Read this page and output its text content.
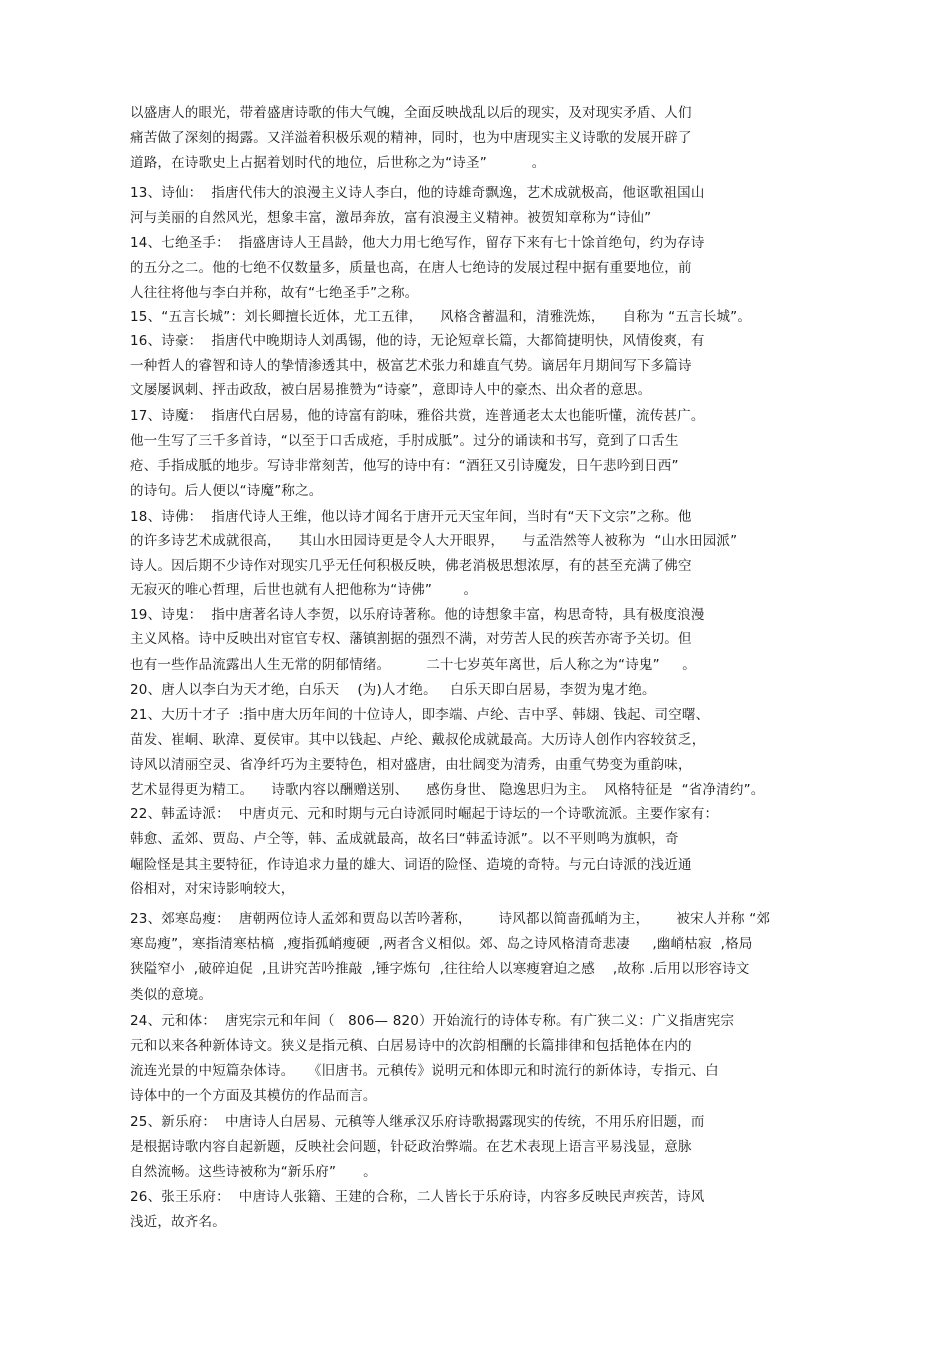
以盛唐人的眼光，带着盛唐诗歌的伟大气魄，全面反映战乱以后的现实，及对现实矛盾、人们
痛苦做了深刻的揭露。又洋溢着积极乐观的精神，同时，也为中唐现实主义诗歌的发展开辟了
道路，在诗歌史上占据着划时代的地位，后世称之为“诗圣”          。
13、诗仙：  指唐代伟大的浪漫主义诗人李白，他的诗雄奇飘逸，艺术成就极高，他讴歌祖国山
河与美丽的自然风光，想象丰富，激昂奔放，富有浪漫主义精神。被贺知章称为“诗仙”
14、七绝圣手：  指盛唐诗人王昌龄，他大力用七绝写作，留存下来有七十馀首绝句，约为存诗
的五分之二。他的七绝不仅数量多，质量也高，在唐人七绝诗的发展过程中据有重要地位，前
人往往将他与李白并称，故有“七绝圣手”之称。
15、“五言长城”：刘长卿擅长近体，尤工五律，    风格含蓄温和，清雅洗炼，    自称为 “五言长城”。
16、诗豪：  指唐代中晚期诗人刘禹锡，他的诗，无论短章长篇，大都简捷明快，风情俊爽，有
一种哲人的睿智和诗人的挚情渗透其中，极富艺术张力和雄直气势。谪居年月期间写下多篇诗
文屡屡讽刺、抨击政敌，被白居易推赞为“诗豪”，意即诗人中的豪杰、出众者的意思。
17、诗魔：  指唐代白居易，他的诗富有韵味，雅俗共赏，连普通老太太也能听懂，流传甚广。
他一生写了三千多首诗，“以至于口舌成疮，手肘成胝”。过分的诵读和书写，竟到了口舌生
疮、手指成胝的地步。写诗非常刻苦，他写的诗中有：“酒狂又引诗魔发，日午悲吟到日西”
的诗句。后人便以“诗魔”称之。
18、诗佛：  指唐代诗人王维，他以诗才闻名于唐开元天宝年间，当时有“天下文宗”之称。他
的许多诗艺术成就很高，    其山水田园诗更是令人大开眼界，    与孟浩然等人被称为  “山水田园派”
诗人。因后期不少诗作对现实几乎无任何积极反映，佛老消极思想浓厚，有的甚至充满了佛空
无寂灭的唯心哲理，后世也就有人把他称为“诗佛”       。
19、诗鬼：  指中唐著名诗人李贺，以乐府诗著称。他的诗想象丰富，构思奇特，具有极度浪漫
主义风格。诗中反映出对宦官专权、藩镇割据的强烈不满，对劳苦人民的疾苦亦寄予关切。但
也有一些作品流露出人生无常的阴郁情绪。        二十七岁英年离世，后人称之为“诗鬼”     。
20、唐人以李白为天才绝，白乐天    (为)人才绝。   白乐天即白居易，李贺为鬼才绝。
21、大历十才子  :指中唐大历年间的十位诗人，即李端、卢纶、吉中孚、韩翃、钱起、司空曙、
苗发、崔峒、耿湋、夏侯审。其中以钱起、卢纶、戴叔伦成就最高。大历诗人创作内容较贫乏，
诗风以清丽空灵、省净纤巧为主要特色，相对盛唐，由壮阔变为清秀，由重气势变为重韵味，
艺术显得更为精工。    诗歌内容以酬赠送别、    感伤身世、 隐逸思归为主。  风格特征是  “省净清约”。
22、韩孟诗派：  中唐贞元、元和时期与元白诗派同时崛起于诗坛的一个诗歌流派。主要作家有：
韩愈、孟郊、贾岛、卢仝等，韩、孟成就最高，故名曰“韩孟诗派”。以不平则鸣为旗帜，奇
崛险怪是其主要特征，作诗追求力量的雄大、词语的险怪、造境的奇特。与元白诗派的浅近通
俗相对，对宋诗影响较大，
23、郊寒岛瘦：  唐朝两位诗人孟郊和贾岛以苦吟著称，      诗风都以简啬孤峭为主，      被宋人并称 “郊
寒岛瘦”，寒指清寒枯槁  ,瘦指孤峭瘦硬  ,两者含义相似。郊、岛之诗风格清奇悲凄     ,幽峭枯寂  ,格局
狭隘窄小  ,破碎迫促  ,且讲究苦吟推敲  ,锤字炼句  ,往往给人以寒瘦窘迫之感    ,故称 .后用以形容诗文
类似的意境。
24、元和体：  唐宪宗元和年间（   806— 820）开始流行的诗体专称。有广狭二义：广义指唐宪宗
元和以来各种新体诗文。狭义是指元稹、白居易诗中的次韵相酬的长篇排律和包括艳体在内的
流连光景的中短篇杂体诗。   《旧唐书。元稹传》说明元和体即元和时流行的新体诗，专指元、白
诗体中的一个方面及其模仿的作品而言。
25、新乐府：  中唐诗人白居易、元稹等人继承汉乐府诗歌揭露现实的传统，不用乐府旧题，而
是根据诗歌内容自起新题，反映社会问题，针砭政治弊端。在艺术表现上语言平易浅显，意脉
自然流畅。这些诗被称为“新乐府”      。
26、张王乐府：  中唐诗人张籍、王建的合称，二人皆长于乐府诗，内容多反映民声疾苦，诗风
浅近，故齐名。
